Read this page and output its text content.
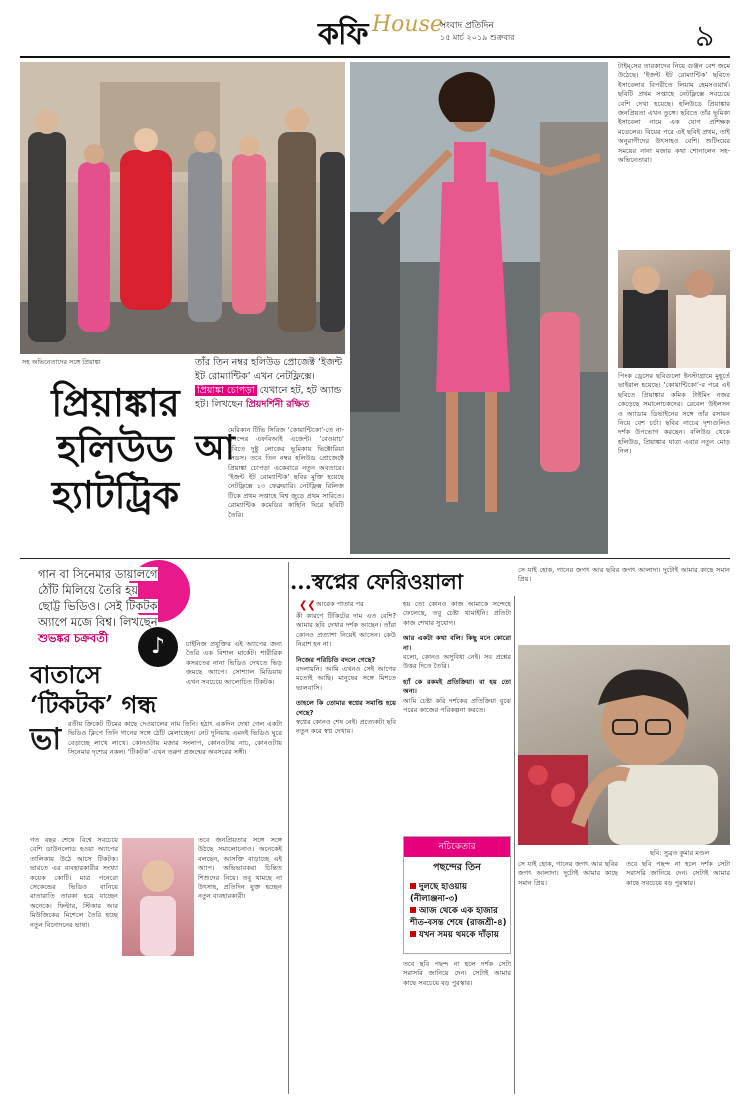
কফি House
সংবাদ প্রতিদিন
১৫ মার্চ ২০১৯ শুক্রবার	৯
সহ অভিনেতাদের সঙ্গে প্রিয়াঙ্কা
প্রিয়াঙ্কার হলিউড হ্যাটট্রিক
তাঁর তিন নম্বর হলিউড প্রোজেক্ট ‘ইজন্ট ইট রোম্যান্টিক’ এখন নেটফ্লিক্সে। প্রিয়াঙ্কা চোপড়া যেখানে হট, হট অ্যান্ড হট। লিখছেন প্রিয়দর্শিনী রক্ষিত
আ
মেরিকান টিভি সিরিজ ‘কোয়ান্টিকো’-তে না-পসন্দের এফবিআই এজেন্ট। ‘বেওয়াচ’ ছবিতে দুষ্টু লোকের ভূমিকায় ভিক্টোরিয়া লিডস। তবে তিন নম্বর হলিউড প্রোজেক্টে প্রিয়াঙ্কা চোপড়া একেবারে নতুন অবতারে। ‘ইজন্ট ইট রোম্যান্টিক’ ছবির মুক্তি হয়েছে নেটফ্লিক্সে ১৩ ফেব্রুয়ারি। নেটফ্লিক্স রিলিজ টিকে প্রথম সপ্তাহে বিশ্ব জুড়ে প্রথম সারিতে। রোম্যান্টিক কমেডির কাহিনি ঘিরে ছবিটি তৈরি।
টাইম্‌সের তারকাদের নিয়ে গুঞ্জন বেশ জমে উঠেছে। ‘ইজন্ট ইট রোম্যান্টিক’ ছবিতে ইসাবেলার বিপরীতে লিয়াম হেমসওয়ার্থ। ছবিটি প্রথম সপ্তাহে নেটফ্লিক্সে সবচেয়ে বেশি দেখা হয়েছে। হলিউডে প্রিয়াঙ্কার জনপ্রিয়তা এখন তুঙ্গে। ছবিতে তাঁর ভূমিকা ইসাবেলা নামে এক যোগ প্রশিক্ষক মডেলের। বিয়ের পরে এই ছবিই প্রথম, তাই অনুরাগীদের উৎসাহও বেশি। শুটিংয়ের সময়ের নানা মজার কথা শোনালেন সহ-অভিনেতারা।
পিংক ড্রেসের ছবিগুলো ইনস্টাগ্রামে মুহূর্তে ভাইরাল হয়েছে। ‘কোয়ান্টিকো’-র পরে এই ছবিতে প্রিয়াঙ্কার কমিক টাইমিং নজর কেড়েছে সমালোচকদের। রেবেল উইলসন ও অ্যাডাম ডিভাইনের সঙ্গে তাঁর রসায়ন নিয়ে বেশ চর্চা। ছবির নাচের দৃশ্যগুলিও দর্শক উপভোগ করছেন। বলিউড থেকে হলিউড, প্রিয়াঙ্কার যাত্রা এবার নতুন মোড় নিল।
গান বা সিনেমার ডায়ালগে ঠোঁট মিলিয়ে তৈরি হয় ছোট্ট ভিডিও। সেই টিকটক অ্যাপে মজে বিশ্ব। লিখছেন শুভঙ্কর চক্রবর্তী	♪
বাতাসে ‘টিকটক’ গন্ধ
চাইনিজ প্রযুক্তির এই অ্যাপের জন্য তৈরি এক বিশাল মার্কেট। শারীরিক কসরতের নানা ভিডিও দেখতে ভিড় জমছে অ্যাপে। সোশ্যাল মিডিয়ায় এখন সবচেয়ে আলোচিত টিকটক।
ভা রতীয় ক্রিকেট টিমের কাছে দেওয়ালের নাম তিনি। হঠাৎ একদিন দেখা গেল একটা ভিডিও ক্লিপে তিনি গানের সঙ্গে ঠোঁট মেলাচ্ছেন। নেট দুনিয়ায় এমনই ভিডিও ঘুরে বেড়াচ্ছে লাখে লাখে। কোনওটায় মজার সংলাপ, কোনওটায় নাচ, কোনওটায় সিনেমার দৃশ্যের নকল। ‘টিকটক’ এখন তরুণ প্রজন্মের অবসরের সঙ্গী।
গত বছর শেষে বিশ্বে সবচেয়ে বেশি ডাউনলোড হওয়া অ্যাপের তালিকায় উঠে আসে টিকটক। ভারতে এর ব্যবহারকারীর সংখ্যা কয়েক কোটি। মাত্র পনেরো সেকেন্ডের ভিডিও বানিয়ে রাতারাতি তারকা হয়ে যাচ্ছেন অনেকে। ফিল্টার, স্টিকার আর মিউজিকের মিশেলে তৈরি হচ্ছে নতুন বিনোদনের ভাষা।
তবে জনপ্রিয়তার সঙ্গে সঙ্গে উঠছে সমালোচনাও। অনেকেই বলছেন, আসক্তি বাড়াচ্ছে এই অ্যাপ। অভিভাবকরা চিন্তিত শিশুদের নিয়ে। তবু থামছে না উৎসাহ, প্রতিদিন যুক্ত হচ্ছেন নতুন ব্যবহারকারী।
...স্বপ্নের ফেরিওয়ালা
❮❮ আরেক পাতার পর
কী কারণে টিকিটের দাম এত বেশি? আমার ছবি দেখার দর্শক আছেন। তাঁরা কোনও প্রত্যাশা নিয়েই আসেন। কেউ নিরাশ হন না।
নিজের পরিচিতি বদলে গেছে?
বদলায়নি। আমি এখনও সেই আগের মতোই আছি। মানুষের সঙ্গে মিশতে ভালবাসি।
তাহলে কি তোমার স্বপ্নের সমাপ্তি হয়ে গেছে?
স্বপ্নের কোনও শেষ নেই। প্রত্যেকটা ছবি নতুন করে স্বপ্ন দেখায়।
হয় তো কোনও কাজ আমাকে সন্দেহে ফেলেছে, তবু চেষ্টা থামাইনি। প্রতিটা কাজ শেখার সুযোগ।
আর একটা কথা বলি। কিছু মনে কোরো না।
বলো, কোনও অসুবিধা নেই। সব প্রশ্নের উত্তর দিতে তৈরি।
হ্যাঁ কে রকমই প্রতিক্রিয়া। বা হয় তো অন্য।
আমি চেষ্টা করি দর্শকের প্রতিক্রিয়া বুঝে পরের কাজের পরিকল্পনা করতে।
নচিকেতার
পছন্দের তিন
দুলছে হাওয়ায় (নীলাঞ্জনা-৩)
আজ থেকে এক হাজার শীত-বসন্ত শেষে (রাজশ্রী-৪)
যখন সময় থমকে দাঁড়ায়
তবে ছবি পছন্দ না হলে দর্শক সেটা সরাসরি জানিয়ে দেন। সেটাই আমার কাছে সবচেয়ে বড় পুরস্কার।
সে যাই হোক, গানের জগৎ আর ছবির জগৎ আলাদা। দুটোই আমার কাছে সমান প্রিয়।
ছবি: সুব্রত কুমার মণ্ডল
সে যাই হোক, গানের জগৎ আর ছবির জগৎ আলাদা। দুটোই আমার কাছে সমান প্রিয়।
তবে ছবি পছন্দ না হলে দর্শক সেটা সরাসরি জানিয়ে দেন। সেটাই আমার কাছে সবচেয়ে বড় পুরস্কার।
